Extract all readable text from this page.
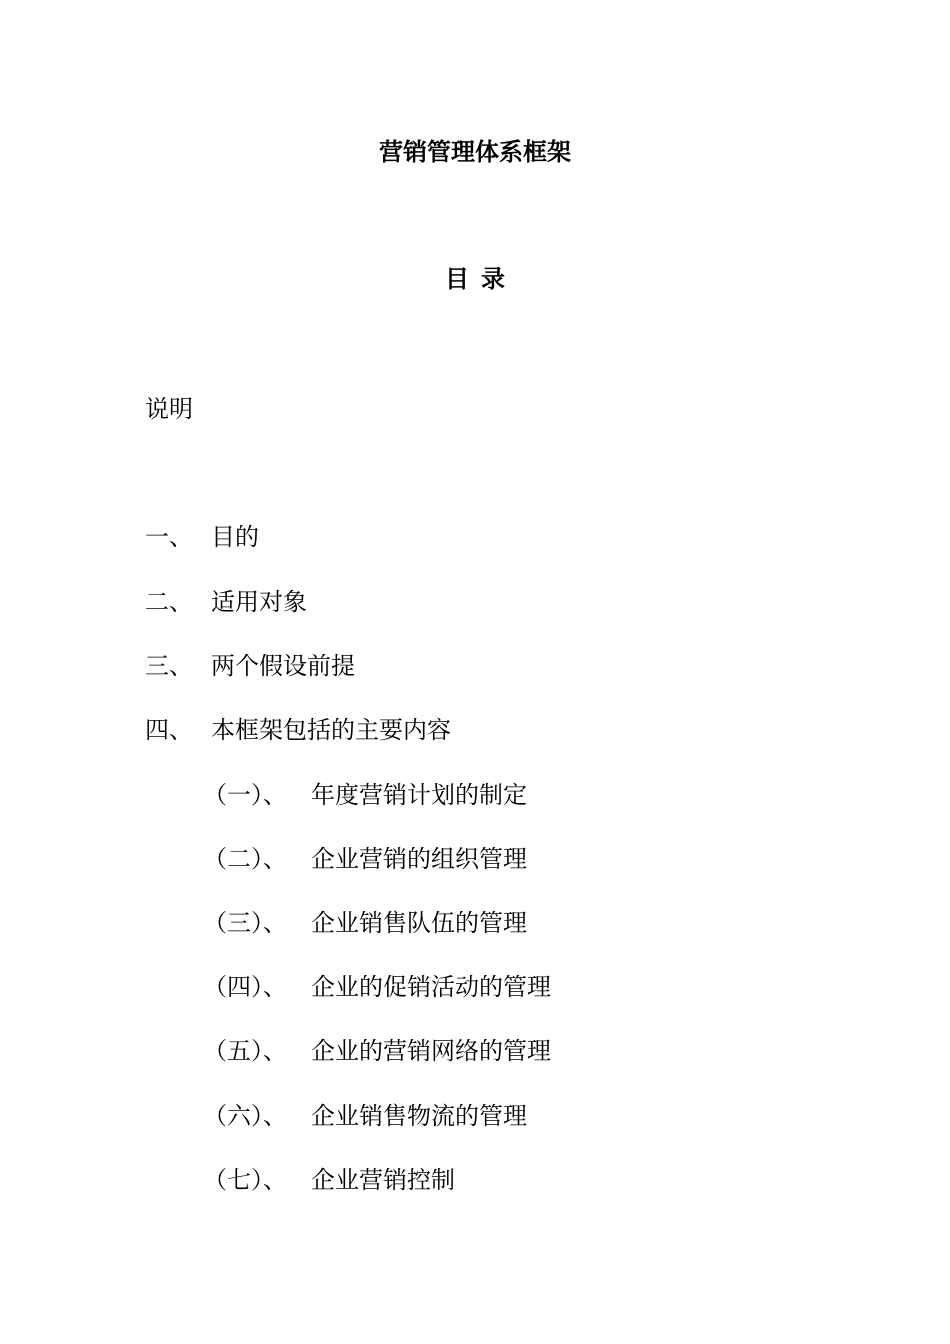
营销管理体系框架
目录
说明
一、 目的
二、 适用对象
三、 两个假设前提
四、 本框架包括的主要内容
（一）、 年度营销计划的制定
（二）、 企业营销的组织管理
（三）、 企业销售队伍的管理
（四）、 企业的促销活动的管理
（五）、 企业的营销网络的管理
（六）、 企业销售物流的管理
（七）、 企业营销控制
